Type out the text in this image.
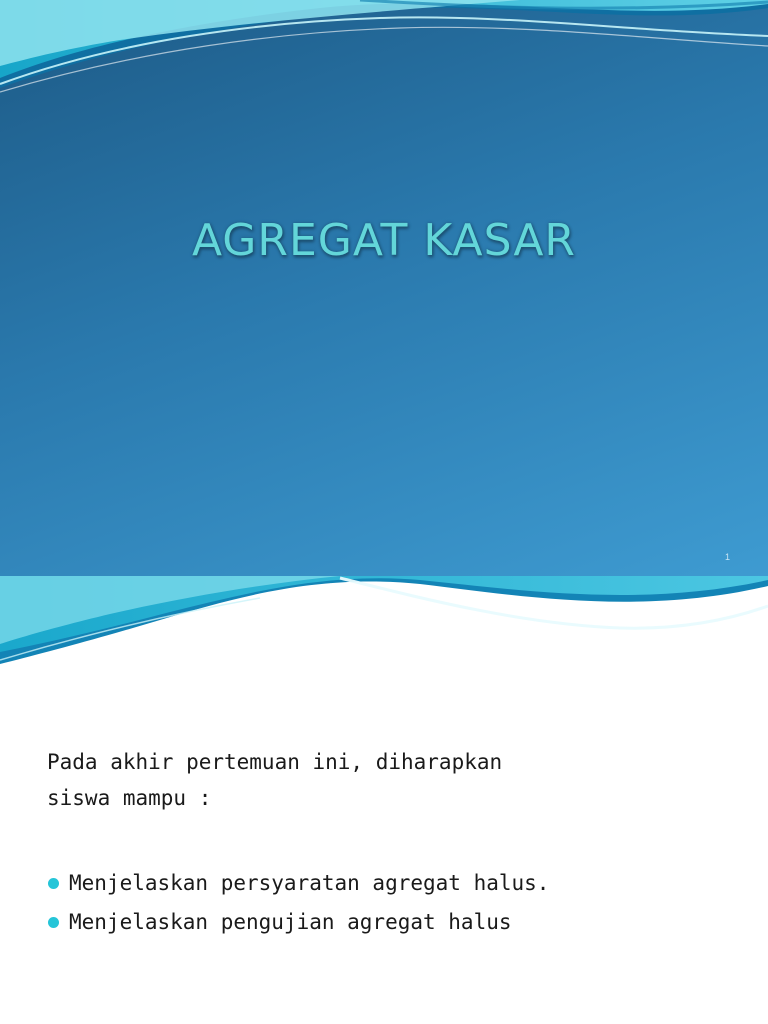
AGREGAT KASAR
1

Pada akhir pertemuan ini, diharapkan
siswa mampu :

Menjelaskan persyaratan agregat halus.
Menjelaskan pengujian agregat halus
